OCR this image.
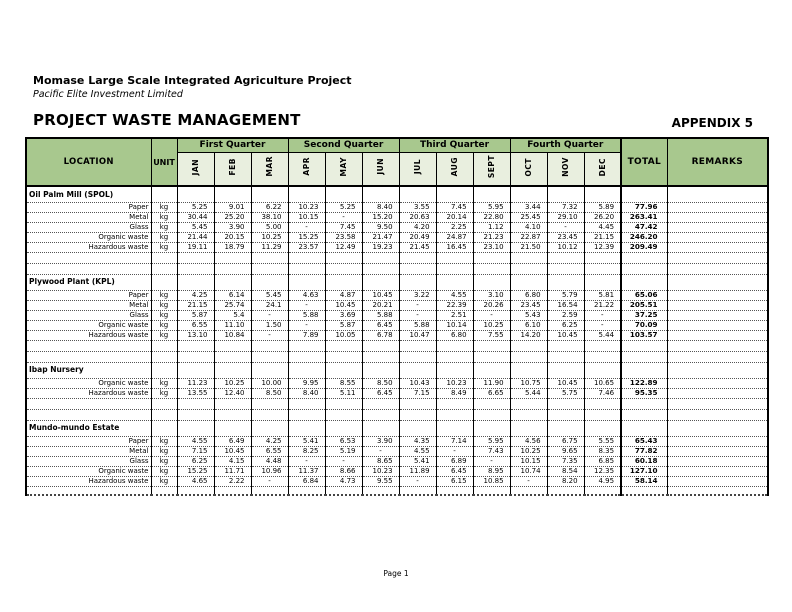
Momase Large Scale Integrated Agriculture Project
Pacific Elite Investment Limited
PROJECT WASTE MANAGEMENT	APPENDIX 5
LOCATION	UNIT	First Quarter			Second Quarter			Third Quarter			Fourth Quarter			TOTAL	REMARKS
		JAN	FEB	MAR	APR	MAY	JUN	JUL	AUG	SEPT	OCT	NOV	DEC		
Oil Palm Mill (SPOL)															
Paper	kg	5.25	9.01	6.22	10.23	5.25	8.40	3.55	7.45	5.95	3.44	7.32	5.89	77.96	
Metal	kg	30.44	25.20	38.10	10.15	-	15.20	20.63	20.14	22.80	25.45	29.10	26.20	263.41	
Glass	kg	5.45	3.90	5.00	-	7.45	9.50	4.20	2.25	1.12	4.10	-	4.45	47.42	
Organic waste	kg	21.44	20.15	10.25	15.25	23.58	21.47	20.49	24.87	21.23	22.87	23.45	21.15	246.20	
Hazardous waste	kg	19.11	18.79	11.29	23.57	12.49	19.23	21.45	16.45	23.10	21.50	10.12	12.39	209.49	

Plywood Plant (KPL)															
Paper	kg	4.25	6.14	5.45	4.63	4.87	10.45	3.22	4.55	3.10	6.80	5.79	5.81	65.06	
Metal	kg	21.15	25.74	24.1	-	10.45	20.21	-	22.39	20.26	23.45	16.54	21.22	205.51	
Glass	kg	5.87	5.4	-	5.88	3.69	5.88	-	2.51	-	5.43	2.59	-	37.25	
Organic waste	kg	6.55	11.10	1.50	-	5.87	6.45	5.88	10.14	10.25	6.10	6.25	-	70.09	
Hazardous waste	kg	13.10	10.84	-	7.89	10.05	6.78	10.47	6.80	7.55	14.20	10.45	5.44	103.57	

Ibap Nursery															
Organic waste	kg	11.23	10.25	10.00	9.95	8.55	8.50	10.43	10.23	11.90	10.75	10.45	10.65	122.89	
Hazardous waste	kg	13.55	12.40	8.50	8.40	5.11	6.45	7.15	8.49	6.65	5.44	5.75	7.46	95.35	

Mundo-mundo Estate															
Paper	kg	4.55	6.49	4.25	5.41	6.53	3.90	4.35	7.14	5.95	4.56	6.75	5.55	65.43	
Metal	kg	7.15	10.45	6.55	8.25	5.19	-	4.55	-	7.43	10.25	9.65	8.35	77.82	
Glass	kg	6.25	4.15	4.48	-	-	8.65	5.41	6.89	-	10.15	7.35	6.85	60.18	
Organic waste	kg	15.25	11.71	10.96	11.37	8.66	10.23	11.89	6.45	8.95	10.74	8.54	12.35	127.10	
Hazardous waste	kg	4.65	2.22	-	6.84	4.73	9.55	-	6.15	10.85	-	8.20	4.95	58.14	

Page 1
